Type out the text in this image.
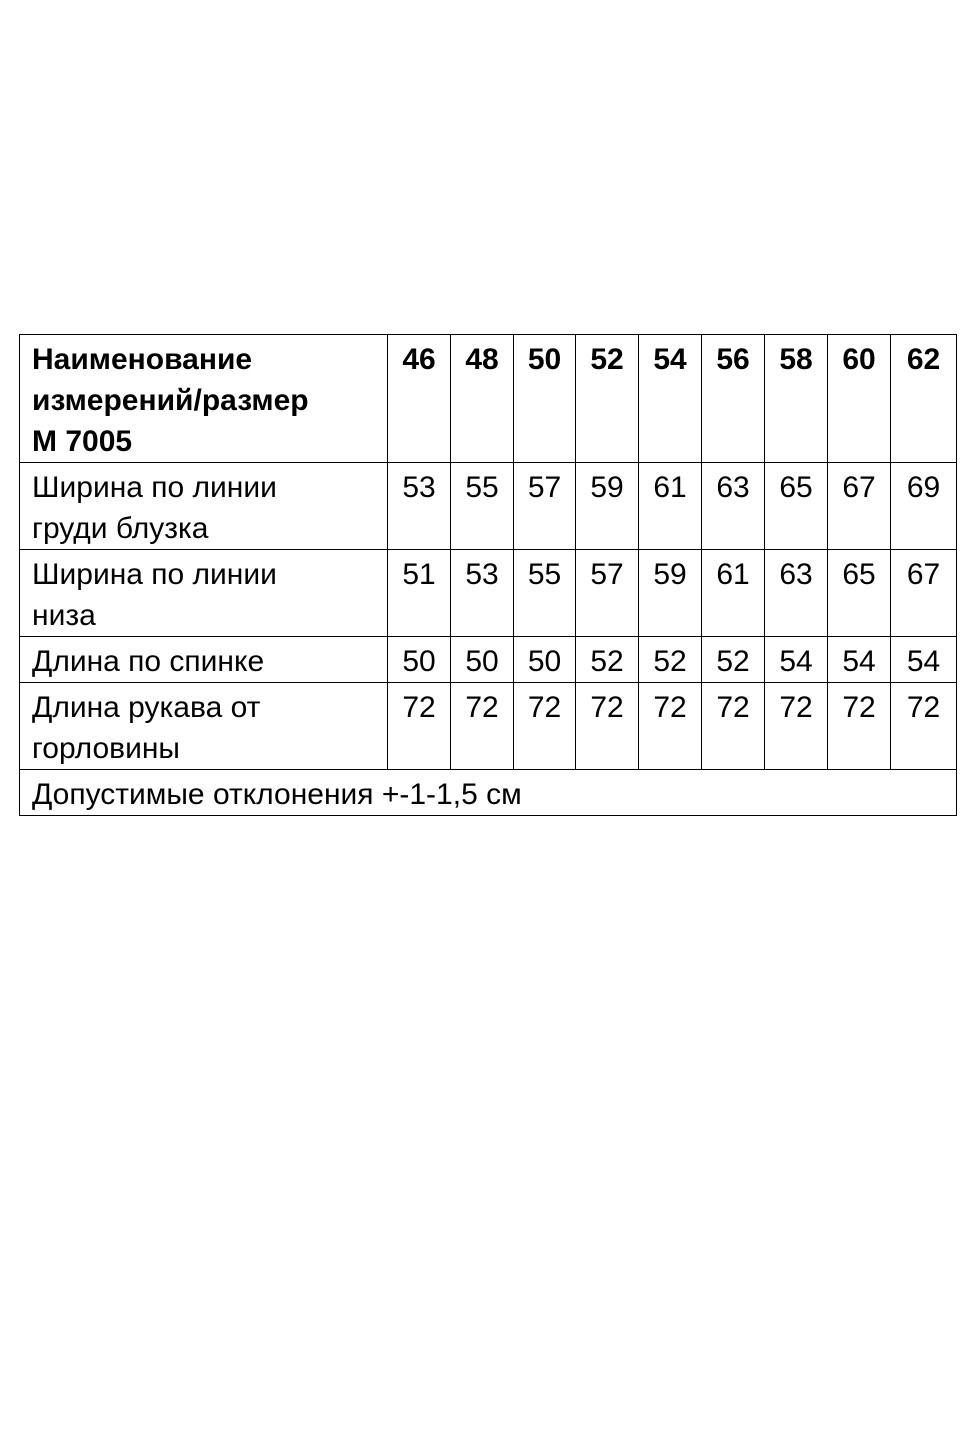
Наименование
измерений/размер
М 7005	46	48	50	52	54	56	58	60	62

Ширина по линии
груди блузка	53	55	57	59	61	63	65	67	69

Ширина по линии
низа	51	53	55	57	59	61	63	65	67

Длина по спинке	50	50	50	52	52	52	54	54	54

Длина рукава от
горловины	72	72	72	72	72	72	72	72	72
Допустимые отклонения +-1-1,5 см									
